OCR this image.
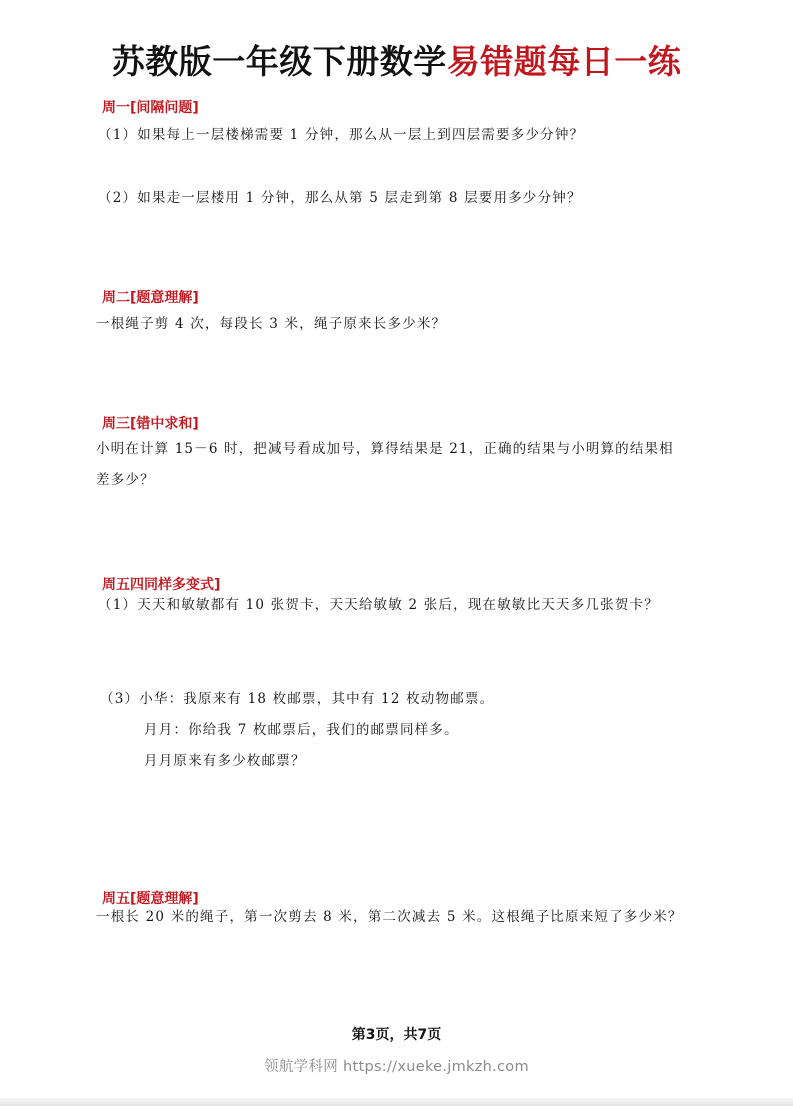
苏教版一年级下册数学易错题每日一练
周一[间隔问题]
（1）如果每上一层楼梯需要 1 分钟，那么从一层上到四层需要多少分钟？
（2）如果走一层楼用 1 分钟，那么从第 5 层走到第 8 层要用多少分钟？
周二[题意理解]
一根绳子剪 4 次，每段长 3 米，绳子原来长多少米？
周三[错中求和]
小明在计算 15－6 时，把减号看成加号，算得结果是 21，正确的结果与小明算的结果相
差多少？
周五四同样多变式]
（1）天天和敏敏都有 10 张贺卡，天天给敏敏 2 张后，现在敏敏比天天多几张贺卡？
（3）小华：我原来有 18 枚邮票，其中有 12 枚动物邮票。
月月：你给我 7 枚邮票后，我们的邮票同样多。
月月原来有多少枚邮票？
周五[题意理解]
一根长 20 米的绳子，第一次剪去 8 米，第二次减去 5 米。这根绳子比原来短了多少米？
第3页，共7页
领航学科网 https://xueke.jmkzh.com
